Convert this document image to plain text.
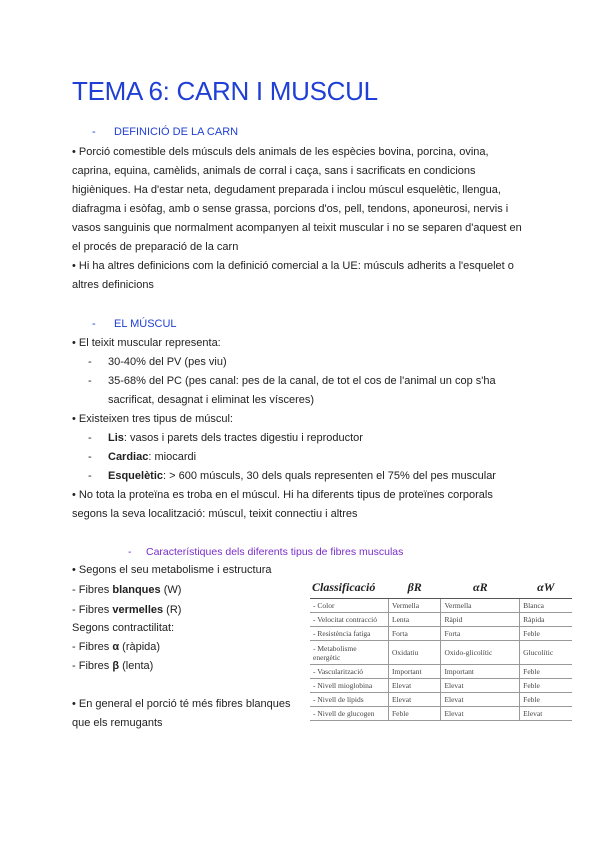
TEMA 6: CARN I MUSCUL
- DEFINICIÓ DE LA CARN
• Porció comestible dels músculs dels animals de les espècies bovina, porcina, ovina,
caprina, equina, camèlids, animals de corral i caça, sans i sacrificats en condicions
higièniques. Ha d'estar neta, degudament preparada i inclou múscul esquelètic, llengua,
diafragma i esòfag, amb o sense grassa, porcions d'os, pell, tendons, aponeurosi, nervis i
vasos sanguinis que normalment acompanyen al teixit muscular i no se separen d'aquest en
el procés de preparació de la carn
• Hi ha altres definicions com la definició comercial a la UE: músculs adherits a l'esquelet o
altres definicions
- EL MÚSCUL
• El teixit muscular representa:
- 30-40% del PV (pes viu)
- 35-68% del PC (pes canal: pes de la canal, de tot el cos de l'animal un cop s'ha
sacrificat, desagnat i eliminat les vísceres)
• Existeixen tres tipus de múscul:
- Lis: vasos i parets dels tractes digestiu i reproductor
- Cardiac: miocardi
- Esquelètic: > 600 músculs, 30 dels quals representen el 75% del pes muscular
• No tota la proteïna es troba en el múscul. Hi ha diferents tipus de proteïnes corporals
segons la seva localització: múscul, teixit connectiu i altres
- Característiques dels diferents tipus de fibres musculas
• Segons el seu metabolisme i estructura
- Fibres blanques (W)
- Fibres vermelles (R)
Segons contractilitat:
- Fibres α (ràpida)
- Fibres β (lenta)
• En general el porció té més fibres blanques
que els remugants
Classificació	βR	αR	αW
- Color	Vermella	Vermella	Blanca
- Velocitat contracció	Lenta	Ràpid	Ràpida
- Resistència fatiga	Forta	Forta	Feble
- Metabolisme energètic	Oxidatiu	Oxido-glicolític	Glucolític
- Vascularització	Important	Important	Feble
- Nivell mioglobina	Elevat	Elevat	Feble
- Nivell de lípids	Elevat	Elevat	Feble
- Nivell de glucogen	Feble	Elevat	Elevat
